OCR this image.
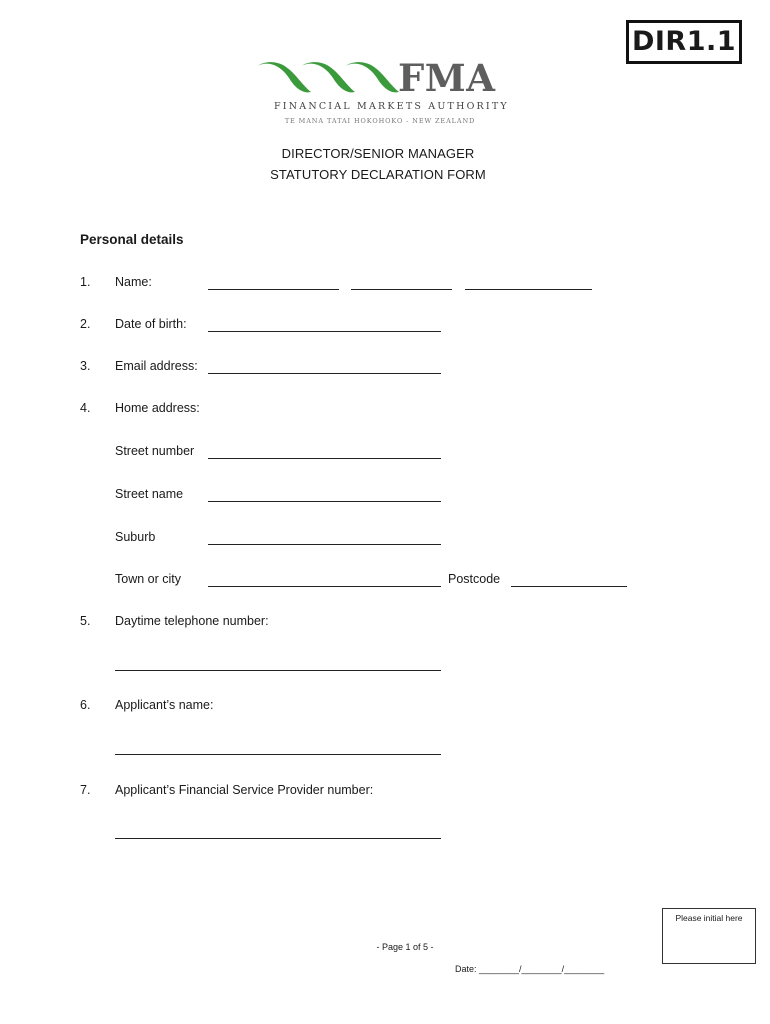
DIR1.1
FMA
FINANCIAL MARKETS AUTHORITY
TE MANA TATAI HOKOHOKO - NEW ZEALAND
DIRECTOR/SENIOR MANAGER
STATUTORY DECLARATION FORM
Personal details
1. Name:
2. Date of birth:
3. Email address:
4. Home address:
Street number
Street name
Suburb
Town or city	Postcode
5. Daytime telephone number:
6. Applicant’s name:
7. Applicant’s Financial Service Provider number:
Please initial here
- Page 1 of 5 -
Date: ________/________/________
